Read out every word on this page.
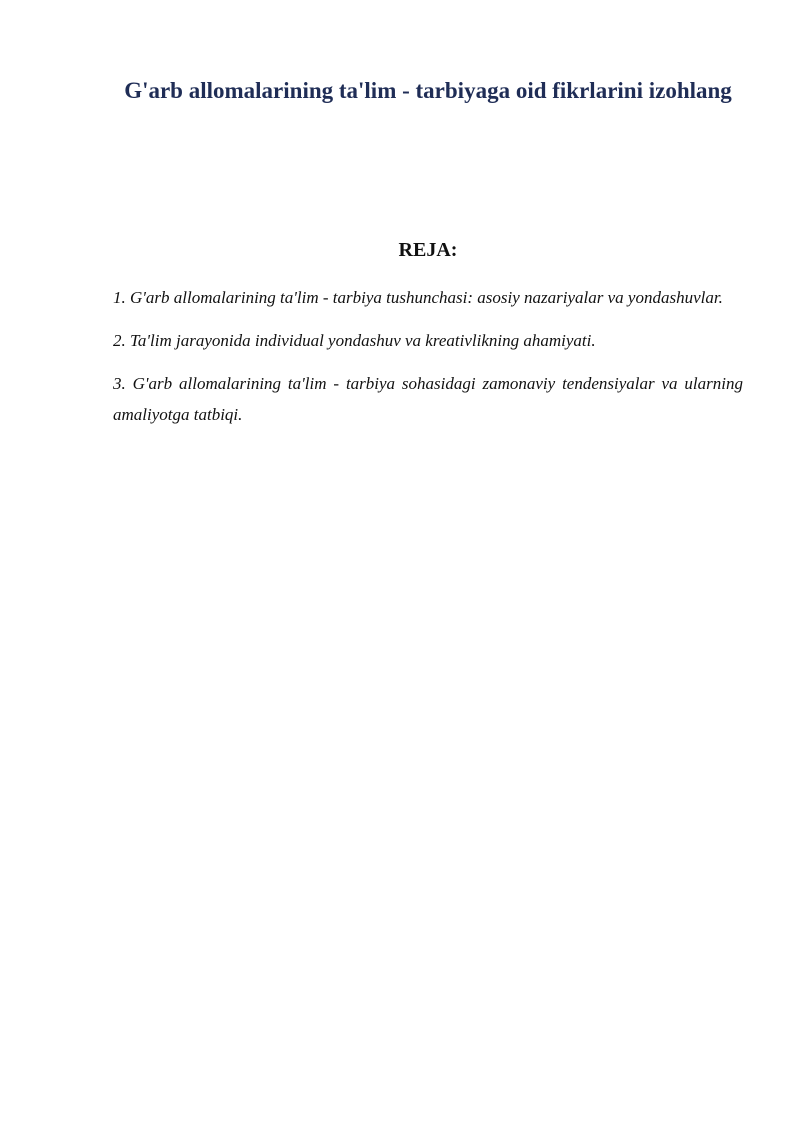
G'arb allomalarining ta'lim - tarbiyaga oid fikrlarini izohlang
REJA:
1. G'arb allomalarining ta'lim - tarbiya tushunchasi: asosiy nazariyalar va yondashuvlar.
2. Ta'lim jarayonida individual yondashuv va kreativlikning ahamiyati.
3. G'arb allomalarining ta'lim - tarbiya sohasidagi zamonaviy tendensiyalar va ularning amaliyotga tatbiqi.
